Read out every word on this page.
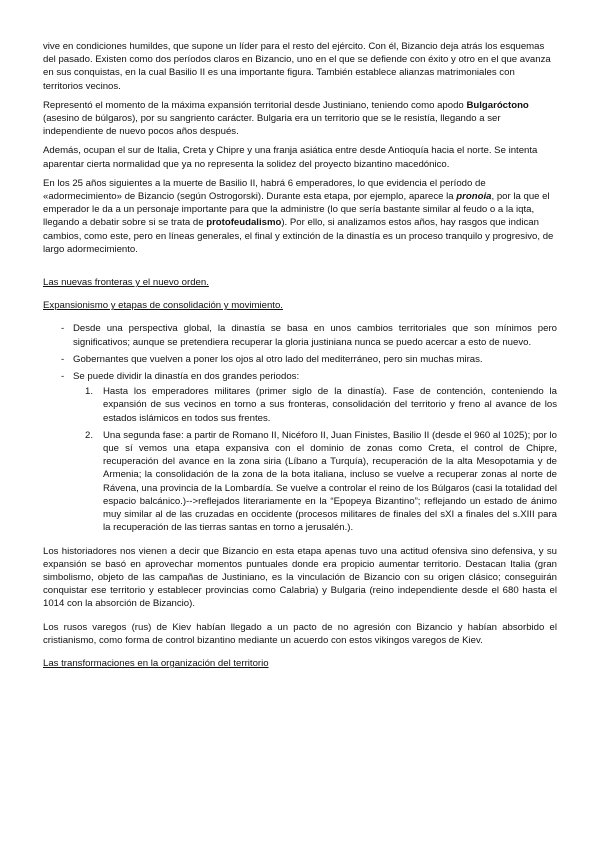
vive en condiciones humildes, que supone un líder para el resto del ejército. Con él, Bizancio deja atrás los esquemas del pasado. Existen como dos períodos claros en Bizancio, uno en el que se defiende con éxito y otro en el que avanza en sus conquistas, en la cual Basilio II es una importante figura. También establece alianzas matrimoniales con territorios vecinos.

Representó el momento de la máxima expansión territorial desde Justiniano, teniendo como apodo Bulgaróctono (asesino de búlgaros), por su sangriento carácter. Bulgaria era un territorio que se le resistía, llegando a ser independiente de nuevo pocos años después.

Además, ocupan el sur de Italia, Creta y Chipre y una franja asiática entre desde Antioquía hacia el norte. Se intenta aparentar cierta normalidad que ya no representa la solidez del proyecto bizantino macedónico.

En los 25 años siguientes a la muerte de Basilio II, habrá 6 emperadores, lo que evidencia el período de «adormecimiento» de Bizancio (según Ostrogorski). Durante esta etapa, por ejemplo, aparece la pronoia, por la que el emperador le da a un personaje importante para que la administre (lo que sería bastante similar al feudo o a la iqta, llegando a debatir sobre si se trata de protofeudalismo). Por ello, si analizamos estos años, hay rasgos que indican cambios, como este, pero en líneas generales, el final y extinción de la dinastía es un proceso tranquilo y progresivo, de largo adormecimiento.

Las nuevas fronteras y el nuevo orden.

Expansionismo y etapas de consolidación y movimiento.

- Desde una perspectiva global, la dinastía se basa en unos cambios territoriales que son mínimos pero significativos; aunque se pretendiera recuperar la gloria justiniana nunca se puedo acercar a esto de nuevo.
- Gobernantes que vuelven a poner los ojos al otro lado del mediterráneo, pero sin muchas miras.
- Se puede dividir la dinastía en dos grandes periodos:
1. Hasta los emperadores militares (primer siglo de la dinastía). Fase de contención, conteniendo la expansión de sus vecinos en torno a sus fronteras, consolidación del territorio y freno al avance de los estados islámicos en todos sus frentes.
2. Una segunda fase: a partir de Romano II, Nicéforo II, Juan Finistes, Basilio II (desde el 960 al 1025); por lo que sí vemos una etapa expansiva con el dominio de zonas como Creta, el control de Chipre, recuperación del avance en la zona siria (Líbano a Turquía), recuperación de la alta Mesopotamia y de Armenia; la consolidación de la zona de la bota italiana, incluso se vuelve a recuperar zonas al norte de Rávena, una provincia de la Lombardía. Se vuelve a controlar el reino de los Búlgaros (casi la totalidad del espacio balcánico.)-->reflejados literariamente en la “Epopeya Bizantino”; reflejando un estado de ánimo muy similar al de las cruzadas en occidente (procesos militares de finales del sXI a finales del s.XIII para la recuperación de las tierras santas en torno a jerusalén.).

Los historiadores nos vienen a decir que Bizancio en esta etapa apenas tuvo una actitud ofensiva sino defensiva, y su expansión se basó en aprovechar momentos puntuales donde era propicio aumentar territorio. Destacan Italia (gran simbolismo, objeto de las campañas de Justiniano, es la vinculación de Bizancio con su origen clásico; conseguirán conquistar ese territorio y establecer provincias como Calabria) y Bulgaria (reino independiente desde el 680 hasta el 1014 con la absorción de Bizancio).

Los rusos varegos (rus) de Kiev habían llegado a un pacto de no agresión con Bizancio y habían absorbido el cristianismo, como forma de control bizantino mediante un acuerdo con estos vikingos varegos de Kiev.

Las transformaciones en la organización del territorio
